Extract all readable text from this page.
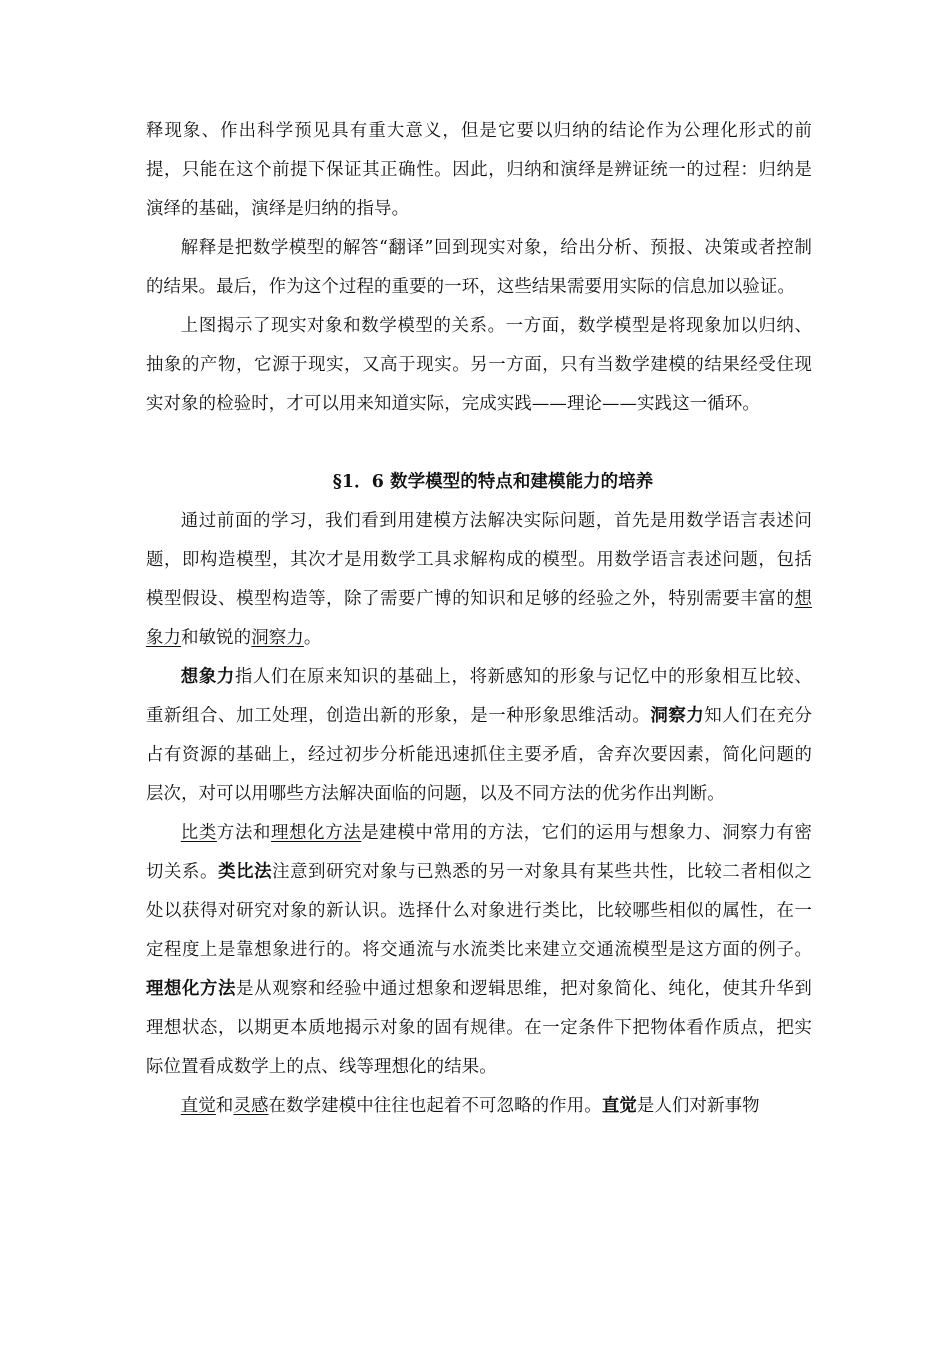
释现象、作出科学预见具有重大意义，但是它要以归纳的结论作为公理化形式的前提，只能在这个前提下保证其正确性。因此，归纳和演绎是辨证统一的过程：归纳是演绎的基础，演绎是归纳的指导。

解释是把数学模型的解答“翻译”回到现实对象，给出分析、预报、决策或者控制的结果。最后，作为这个过程的重要的一环，这些结果需要用实际的信息加以验证。

上图揭示了现实对象和数学模型的关系。一方面，数学模型是将现象加以归纳、抽象的产物，它源于现实，又高于现实。另一方面，只有当数学建模的结果经受住现实对象的检验时，才可以用来知道实际，完成实践——理论——实践这一循环。

§1．6 数学模型的特点和建模能力的培养

通过前面的学习，我们看到用建模方法解决实际问题，首先是用数学语言表述问题，即构造模型，其次才是用数学工具求解构成的模型。用数学语言表述问题，包括模型假设、模型构造等，除了需要广博的知识和足够的经验之外，特别需要丰富的想象力和敏锐的洞察力。

想象力指人们在原来知识的基础上，将新感知的形象与记忆中的形象相互比较、重新组合、加工处理，创造出新的形象，是一种形象思维活动。洞察力知人们在充分占有资源的基础上，经过初步分析能迅速抓住主要矛盾，舍弃次要因素，简化问题的层次，对可以用哪些方法解决面临的问题，以及不同方法的优劣作出判断。

比类方法和理想化方法是建模中常用的方法，它们的运用与想象力、洞察力有密切关系。类比法注意到研究对象与已熟悉的另一对象具有某些共性，比较二者相似之处以获得对研究对象的新认识。选择什么对象进行类比，比较哪些相似的属性，在一定程度上是靠想象进行的。将交通流与水流类比来建立交通流模型是这方面的例子。理想化方法是从观察和经验中通过想象和逻辑思维，把对象简化、纯化，使其升华到理想状态，以期更本质地揭示对象的固有规律。在一定条件下把物体看作质点，把实际位置看成数学上的点、线等理想化的结果。

直觉和灵感在数学建模中往往也起着不可忽略的作用。直觉是人们对新事物
